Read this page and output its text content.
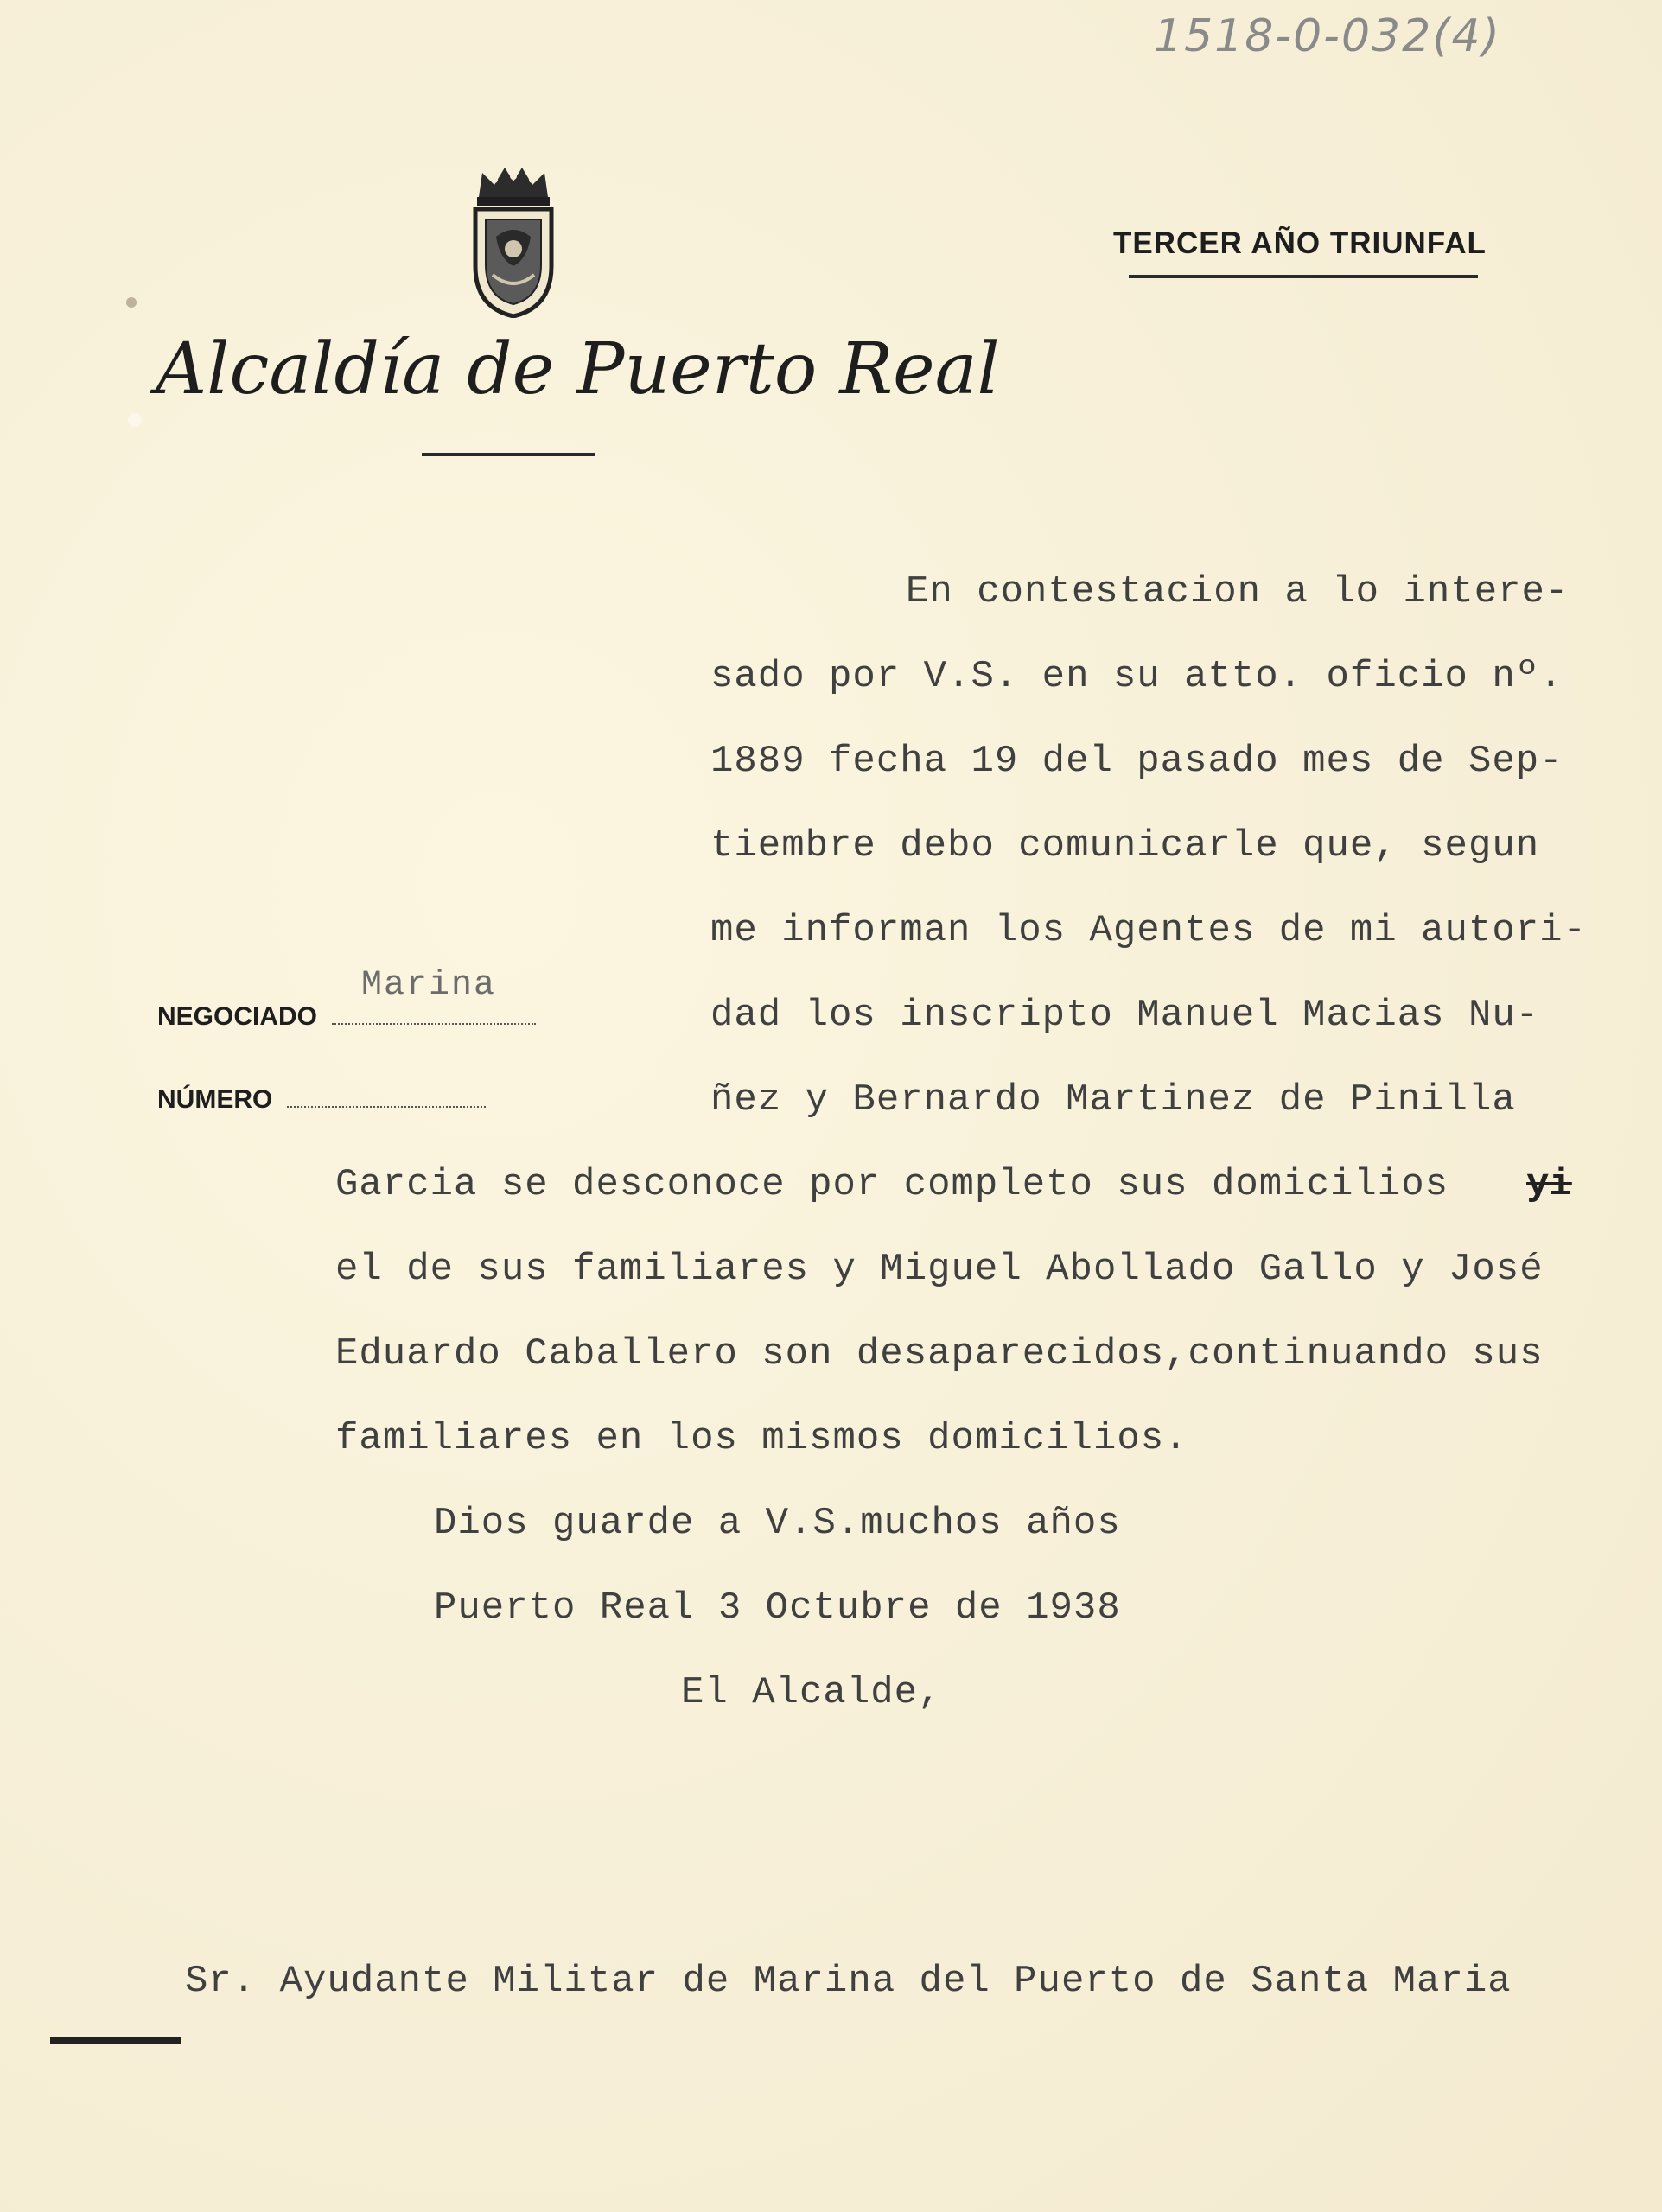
1518-0-032(4)
Alcaldía de Puerto Real
TERCER AÑO TRIUNFAL
NEGOCIADO
Marina
NÚMERO
En contestacion a lo intere-
sado por V.S. en su atto. oficio nº.
1889 fecha 19 del pasado mes de Sep-
tiembre debo comunicarle que, segun
me informan los Agentes de mi autori-
dad los inscripto Manuel Macias Nu-
ñez y Bernardo Martinez de Pinilla
Garcia se desconoce por completo sus domicilios yi
el de sus familiares y Miguel Abollado Gallo y José
Eduardo Caballero son desaparecidos,continuando sus
familiares en los mismos domicilios.
Dios guarde a V.S.muchos años
Puerto Real 3 Octubre de 1938
El Alcalde,
Sr. Ayudante Militar de Marina del Puerto de Santa Maria
